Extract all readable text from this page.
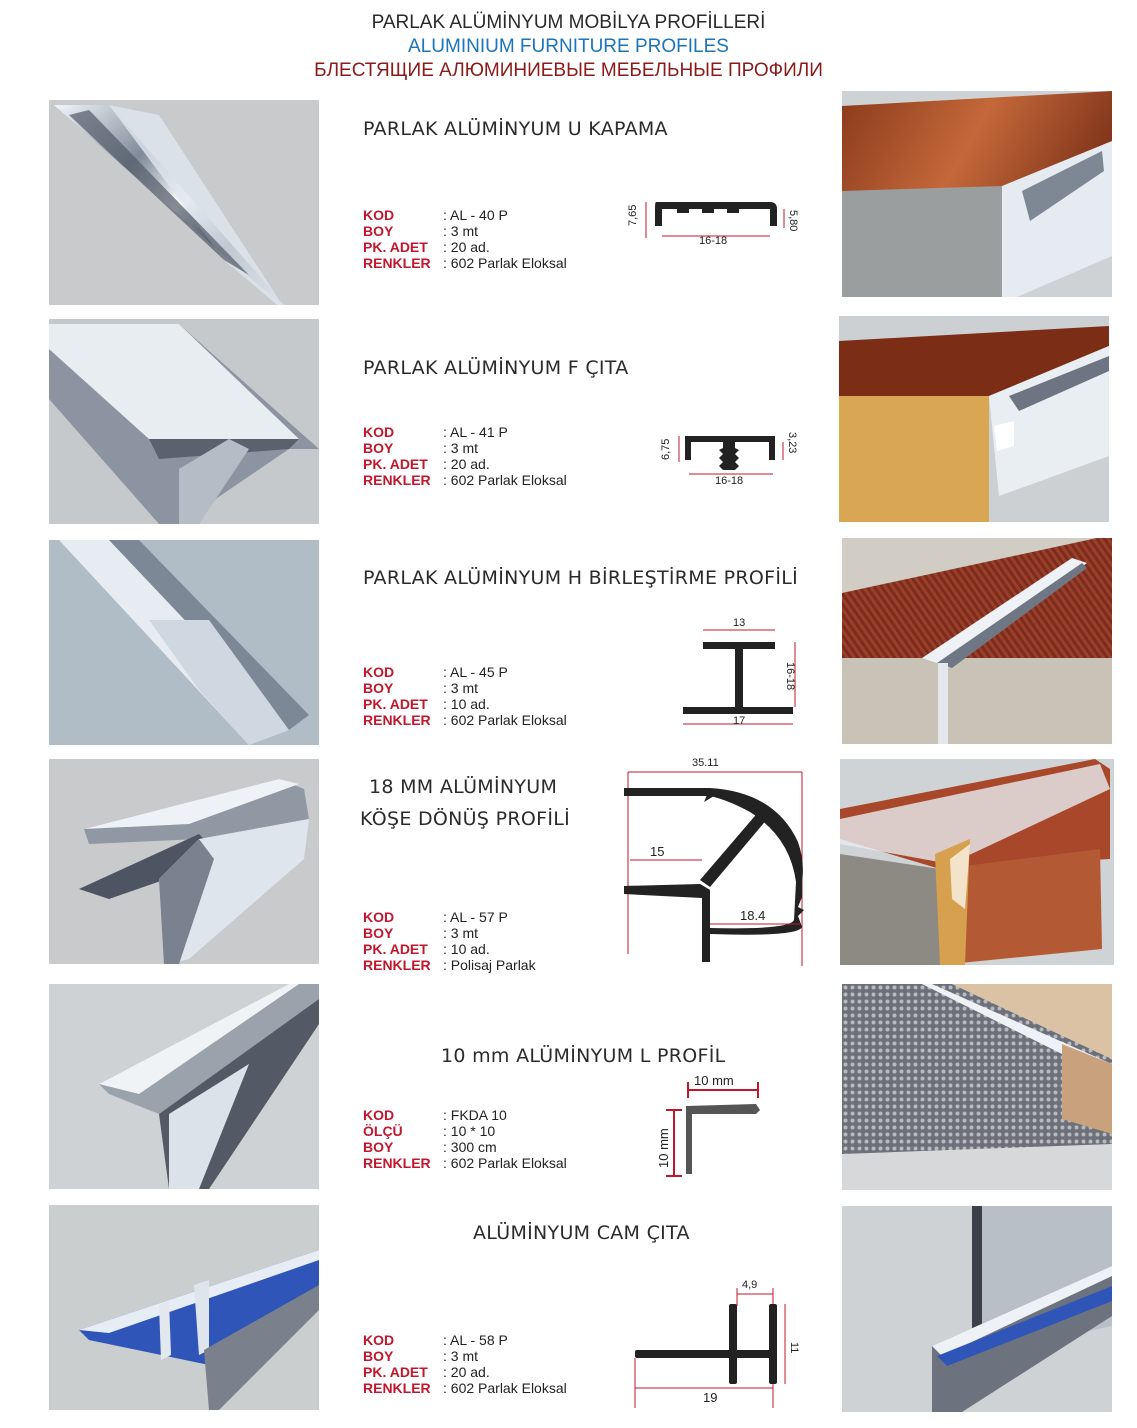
PARLAK ALÜMİNYUM MOBİLYA PROFİLLERİ
ALUMINIUM FURNITURE PROFILES
БЛЕСТЯЩИЕ АЛЮМИНИЕВЫЕ МЕБЕЛЬНЫЕ ПРОФИЛИ
PARLAK ALÜMİNYUM U KAPAMA
KOD	: AL - 40 P
BOY	: 3 mt
PK. ADET	: 20 ad.
RENKLER : 602 Parlak Eloksal
7,65
16-18
5,80
PARLAK ALÜMİNYUM F ÇITA
KOD	: AL - 41 P
BOY	: 3 mt
PK. ADET	: 20 ad.
RENKLER : 602 Parlak Eloksal
6,75
16-18
3,23
PARLAK ALÜMİNYUM H BİRLEŞTİRME PROFİLİ
KOD	: AL - 45 P
BOY	: 3 mt
PK. ADET	: 10 ad.
RENKLER : 602 Parlak Eloksal
13
17
16-18
18 MM ALÜMİNYUM
KÖŞE DÖNÜŞ PROFİLİ
KOD	: AL - 57 P
BOY	: 3 mt
PK. ADET	: 10 ad.
RENKLER : Polisaj Parlak
35.11
15
18.4
10 mm ALÜMİNYUM L PROFİL
KOD	: FKDA 10
ÖLÇÜ	: 10 * 10
BOY	: 300 cm
RENKLER : 602 Parlak Eloksal
10 mm
10 mm
ALÜMİNYUM CAM ÇITA
KOD	: AL - 58 P
BOY	: 3 mt
PK. ADET	: 20 ad.
RENKLER : 602 Parlak Eloksal
4,9
11
19
